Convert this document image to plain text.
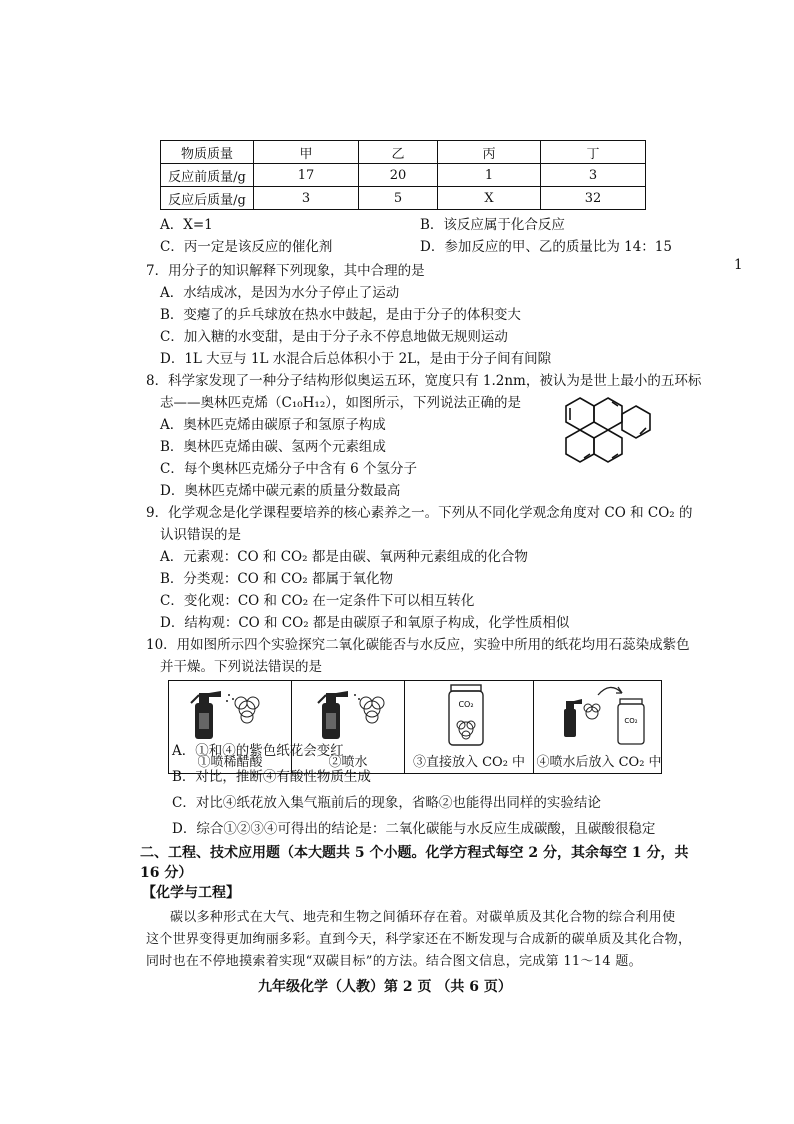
物质质量	甲	乙	丙	丁
反应前质量/g	17	20	1	3
反应后质量/g	3	5	X	32
A．X=1	B．该反应属于化合反应
C．丙一定是该反应的催化剂	D．参加反应的甲、乙的质量比为 14：15
1
7．用分子的知识解释下列现象，其中合理的是
A．水结成冰，是因为水分子停止了运动
B．变瘪了的乒乓球放在热水中鼓起，是由于分子的体积变大
C．加入糖的水变甜，是由于分子永不停息地做无规则运动
D．1L 大豆与 1L 水混合后总体积小于 2L，是由于分子间有间隙
8．科学家发现了一种分子结构形似奥运五环，宽度只有 1.2nm，被认为是世上最小的五环标
志——奥林匹克烯（C₁₀H₁₂），如图所示，下列说法正确的是
A．奥林匹克烯由碳原子和氢原子构成
B．奥林匹克烯由碳、氢两个元素组成
C．每个奥林匹克烯分子中含有 6 个氢分子
D．奥林匹克烯中碳元素的质量分数最高
9．化学观念是化学课程要培养的核心素养之一。下列从不同化学观念角度对 CO 和 CO₂ 的
认识错误的是
A．元素观：CO 和 CO₂ 都是由碳、氧两种元素组成的化合物
B．分类观：CO 和 CO₂ 都属于氧化物
C．变化观：CO 和 CO₂ 在一定条件下可以相互转化
D．结构观：CO 和 CO₂ 都是由碳原子和氧原子构成，化学性质相似
10．用如图所示四个实验探究二氧化碳能否与水反应，实验中所用的纸花均用石蕊染成紫色
并干燥。下列说法错误的是
①喷稀醋酸	②喷水
CO₂
③直接放入 CO₂ 中
CO₂
④喷水后放入 CO₂ 中
A．①和④的紫色纸花会变红
B．对比，推断④有酸性物质生成
C．对比④纸花放入集气瓶前后的现象，省略②也能得出同样的实验结论
D．综合①②③④可得出的结论是：二氧化碳能与水反应生成碳酸，且碳酸很稳定
二、工程、技术应用题（本大题共 5 个小题。化学方程式每空 2 分，其余每空 1 分，共
16 分）
【化学与工程】
碳以多种形式在大气、地壳和生物之间循环存在着。对碳单质及其化合物的综合利用使
这个世界变得更加绚丽多彩。直到今天，科学家还在不断发现与合成新的碳单质及其化合物，
同时也在不停地摸索着实现“双碳目标”的方法。结合图文信息，完成第 11～14 题。
九年级化学（人教）第 2 页 （共 6 页）
